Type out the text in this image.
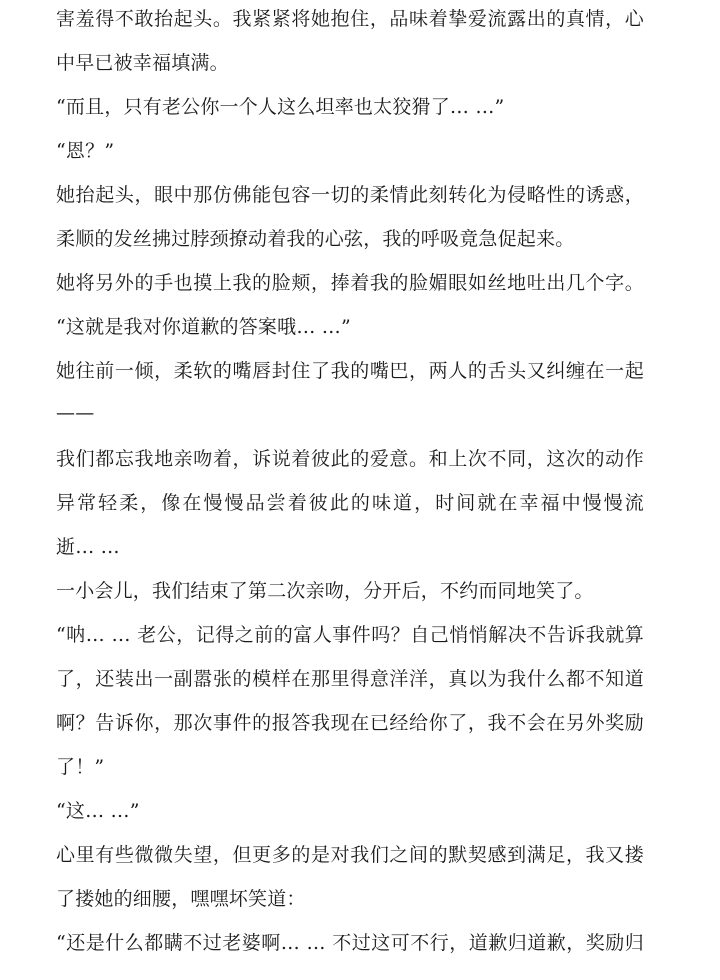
害羞得不敢抬起头。我紧紧将她抱住，品味着挚爱流露出的真情，心
中早已被幸福填满。
“而且，只有老公你一个人这么坦率也太狡猾了… …”
“恩？”
她抬起头，眼中那仿佛能包容一切的柔情此刻转化为侵略性的诱惑，
柔顺的发丝拂过脖颈撩动着我的心弦，我的呼吸竟急促起来。
她将另外的手也摸上我的脸颊，捧着我的脸媚眼如丝地吐出几个字。
“这就是我对你道歉的答案哦… …”
她往前一倾，柔软的嘴唇封住了我的嘴巴，两人的舌头又纠缠在一起
——
我们都忘我地亲吻着，诉说着彼此的爱意。和上次不同，这次的动作
异常轻柔，像在慢慢品尝着彼此的味道，时间就在幸福中慢慢流
逝… …
一小会儿，我们结束了第二次亲吻，分开后，不约而同地笑了。
“呐… … 老公，记得之前的富人事件吗？自己悄悄解决不告诉我就算
了，还装出一副嚣张的模样在那里得意洋洋，真以为我什么都不知道
啊？告诉你，那次事件的报答我现在已经给你了，我不会在另外奖励
了！”
“这… …”
心里有些微微失望，但更多的是对我们之间的默契感到满足，我又搂
了搂她的细腰，嘿嘿坏笑道：
“还是什么都瞒不过老婆啊… … 不过这可不行，道歉归道歉，奖励归
